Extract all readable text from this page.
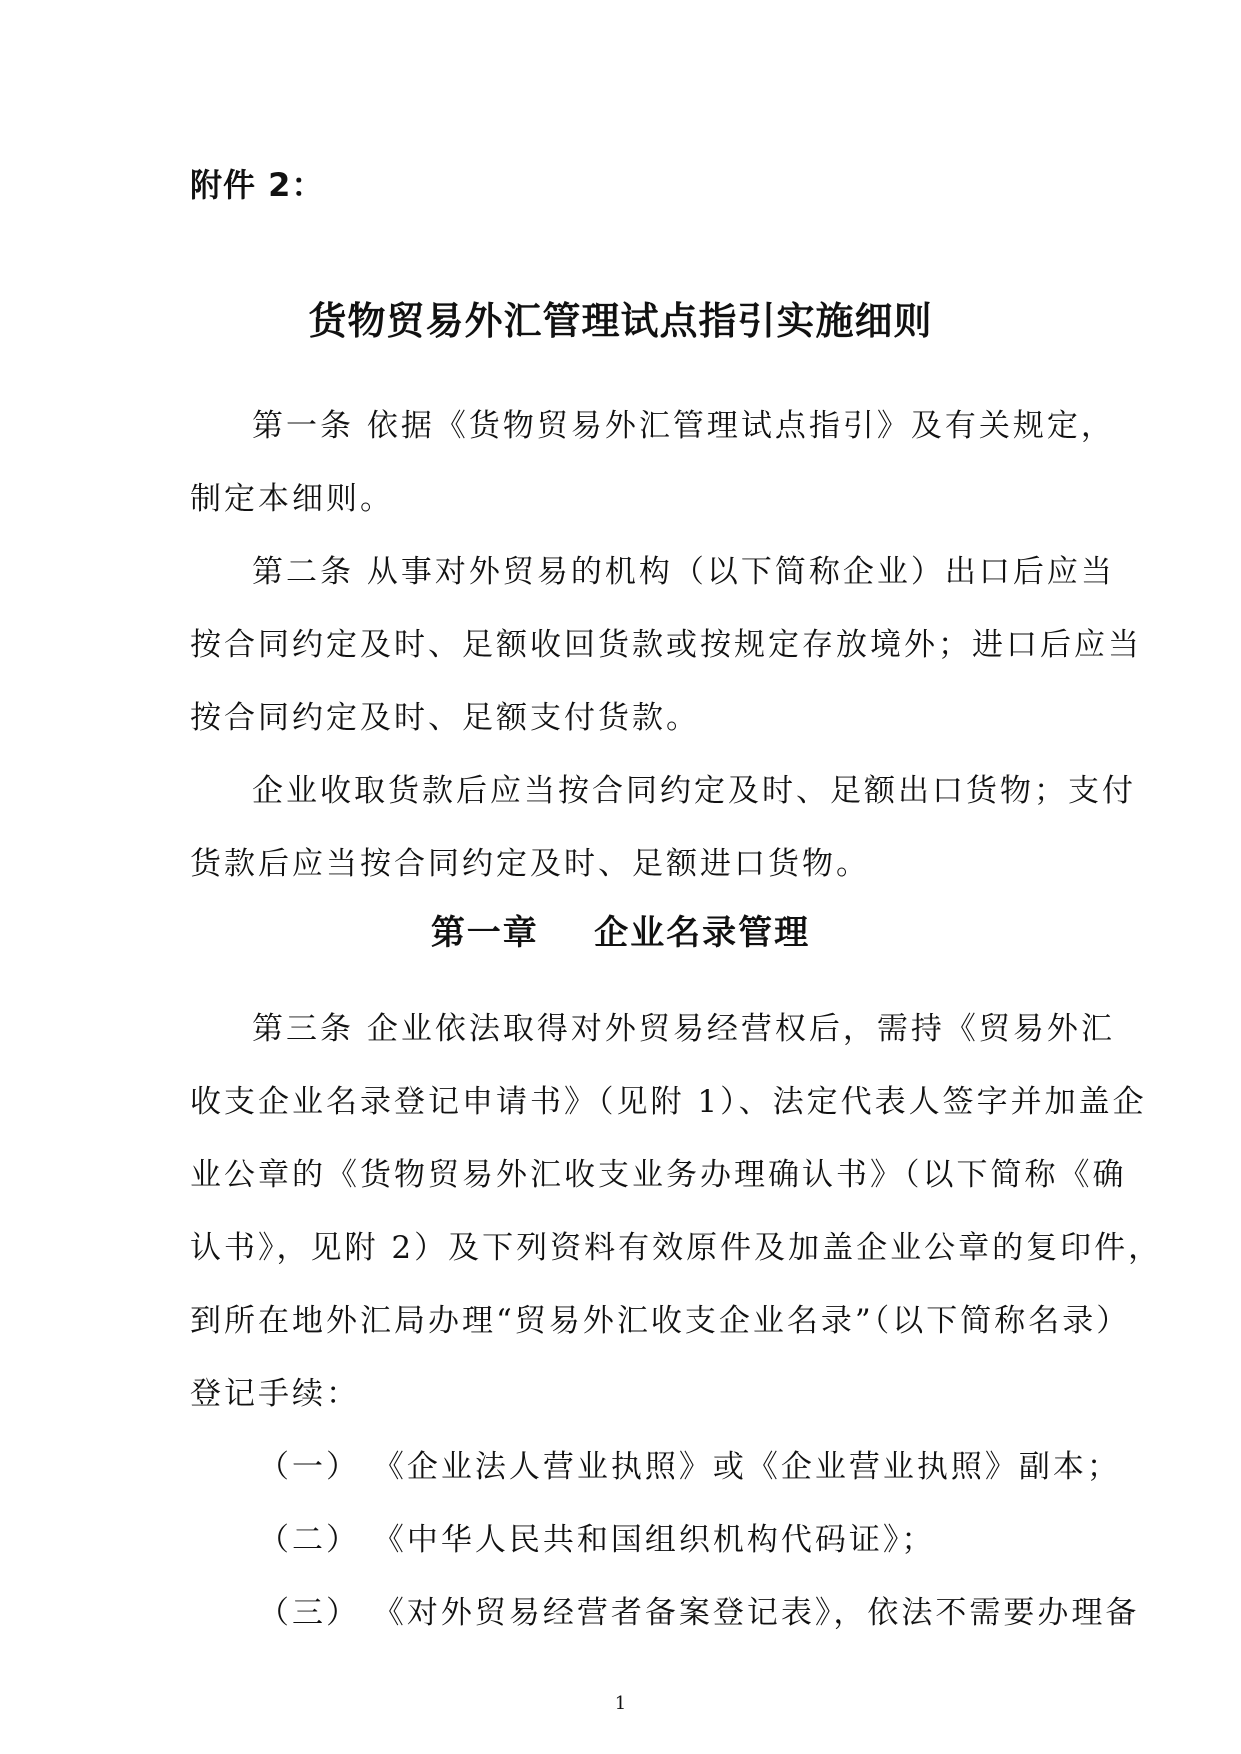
附件 2：
货物贸易外汇管理试点指引实施细则
第一条 依据《货物贸易外汇管理试点指引》及有关规定，
制定本细则。
第二条 从事对外贸易的机构（以下简称企业）出口后应当
按合同约定及时、足额收回货款或按规定存放境外；进口后应当
按合同约定及时、足额支付货款。
企业收取货款后应当按合同约定及时、足额出口货物；支付
货款后应当按合同约定及时、足额进口货物。
第一章    企业名录管理
第三条 企业依法取得对外贸易经营权后，需持《贸易外汇
收支企业名录登记申请书》（见附 1）、法定代表人签字并加盖企
业公章的《货物贸易外汇收支业务办理确认书》（以下简称《确
认书》，见附 2）及下列资料有效原件及加盖企业公章的复印件，
到所在地外汇局办理“贸易外汇收支企业名录”（以下简称名录）
登记手续：
（一） 《企业法人营业执照》或《企业营业执照》副本；
（二） 《中华人民共和国组织机构代码证》；
（三） 《对外贸易经营者备案登记表》，依法不需要办理备
1
